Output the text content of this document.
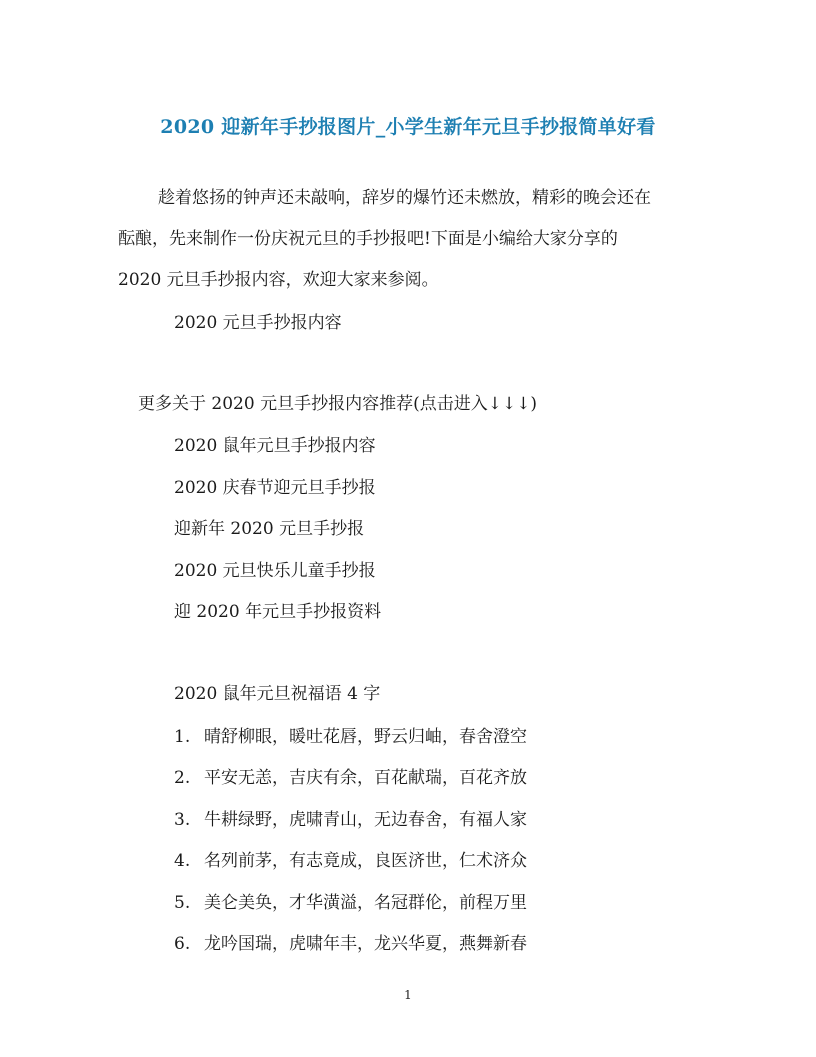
2020 迎新年手抄报图片_小学生新年元旦手抄报简单好看
趁着悠扬的钟声还未敲响，辞岁的爆竹还未燃放，精彩的晚会还在
酝酿，先来制作一份庆祝元旦的手抄报吧!下面是小编给大家分享的
2020 元旦手抄报内容，欢迎大家来参阅。
2020 元旦手抄报内容
更多关于 2020 元旦手抄报内容推荐(点击进入↓↓↓)
2020 鼠年元旦手抄报内容
2020 庆春节迎元旦手抄报
迎新年 2020 元旦手抄报
2020 元旦快乐儿童手抄报
迎 2020 年元旦手抄报资料
2020 鼠年元旦祝福语 4 字
1. 晴舒柳眼，暖吐花唇，野云归岫，春舍澄空
2. 平安无恙，吉庆有余，百花献瑞，百花齐放
3. 牛耕绿野，虎啸青山，无边春舍，有福人家
4. 名列前茅，有志竟成，良医济世，仁术济众
5. 美仑美奂，才华潢溢，名冠群伦，前程万里
6. 龙吟国瑞，虎啸年丰，龙兴华夏，燕舞新春
1
